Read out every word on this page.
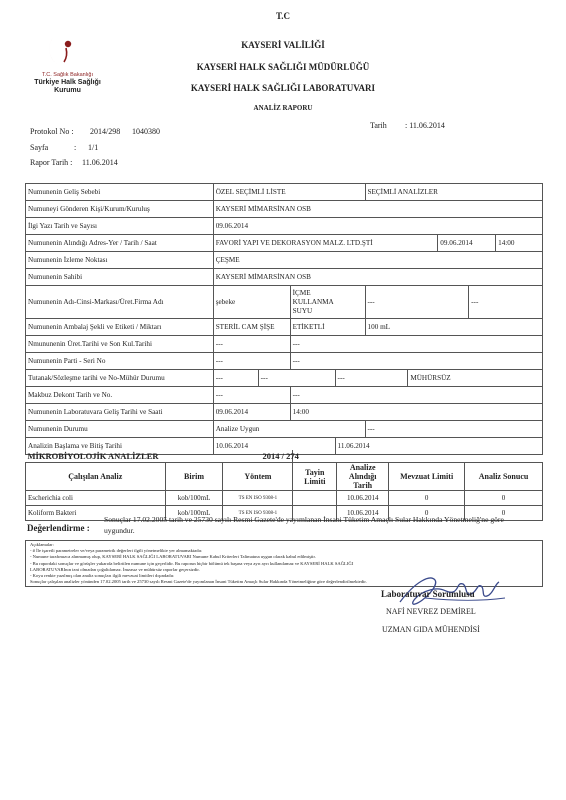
T.C. Sağlık Bakanlığı
Türkiye Halk Sağlığı
Kurumu
T.C
KAYSERİ VALİLİĞİ
KAYSERİ HALK SAĞLIĞI MÜDÜRLÜĞÜ
KAYSERİ HALK SAĞLIĞI LABORATUVARI
ANALİZ RAPORU
Protokol No : 2014/298 1040380
Sayfa	: 1/1
Rapor Tarih : 11.06.2014
Tarih : 11.06.2014
Numunenin Geliş Sebebi	ÖZEL SEÇİMLİ LİSTE				SEÇİMLİ ANALİZLER				
Numuneyi Gönderen Kişi/Kurum/Kuruluş	KAYSERİ MİMARSİNAN OSB								
İlgi Yazı Tarih ve Sayısı	09.06.2014								
Numunenin Alındığı Adres-Yer / Tarih / Saat	FAVORİ YAPI VE DEKORASYON MALZ. LTD.ŞTİ						09.06.2014		14:00
Numunenin İzleme Noktası	ÇEŞME								
Numunenin Sahibi	KAYSERİ MİMARSİNAN OSB								
Numunenin Adı-Cinsi-Markası/Üret.Firma Adı	şebeke		İÇME
KULLANMA
SUYU		---			---	
Numunenin Ambalaj Şekli ve Etiketi / Miktarı	STERİL CAM ŞİŞE		ETİKETLİ		100 mL				
Nmununenin Üret.Tarihi ve Son Kul.Tarihi	---		---						
Numunenin Parti - Seri No	---		---						
Tutanak/Sözleşme tarihi ve No-Mühür Durumu	---	---		---		MÜHÜRSÜZ			
Makbuz Dekont Tarih ve No.	---		---						
Numunenin Laboratuvara Geliş Tarihi ve Saati	09.06.2014		14:00						
Numunenin Durumu	Analize Uygun				---				
Analizin Başlama ve Bitiş Tarihi	10.06.2014			11.06.2014					
MİKROBİYOLOJİK ANALİZLER 2014 / 274						

Çalışılan Analiz	Birim	Yöntem	Tayin Limiti	Analize Alındığı Tarih	Mevzuat Limiti	Analiz Sonucu
Escherichia coli	kob/100mL	TS EN ISO 9308-1		10.06.2014	0	0
Koliform Bakteri	kob/100mL	TS EN ISO 9308-1		10.06.2014	0	0
Değerlendirme :
Sonuçlar 17.02.2005 tarih ve 25730 sayılı Resmi Gazete'de yayımlanan İnsani Tüketim Amaçlı Sular Hakkında Yönetmeliğ'ne göre
uygundur.
Açıklamalar:
- # İle işaretli parametreler ve/veya parametrik değerleri ilgili yönetmelikte yer almamaktadır.
- Numune tarafımızca alınmamış olup, KAYSERİ HALK SAĞLIĞI LABORATUVARI Numune Kabul Kriterleri Talimatına uygun olarak kabul edilmiştir.
- Bu rapordaki sonuçlar ve görüşler yukarıda belirtilen numune için geçerlidir. Bu raporun hiçbir bölümü tek başına veya ayrı ayrı kullanılamaz ve KAYSERİ HALK SAĞLIĞI
LABORATUVARInın izni olmadan çoğaltılamaz. İmzasız ve mühürsüz raporlar geçersizdir.
- Koyu renkte yazılmış olan analiz sonuçları ilgili mevzuat limitleri dışındadır.
Sonuçlar çalışılan analizler yönünden 17.02.2005 tarih ve 25730 sayılı Resmi Gazete'de yayımlanan İnsani Tüketim Amaçlı Sular Hakkında Yönetmeliğine göre değerlendirilmektedir.
Laboratuvar Sorumlusu
NAFİ NEVREZ DEMİREL
UZMAN GIDA MÜHENDİSİ
